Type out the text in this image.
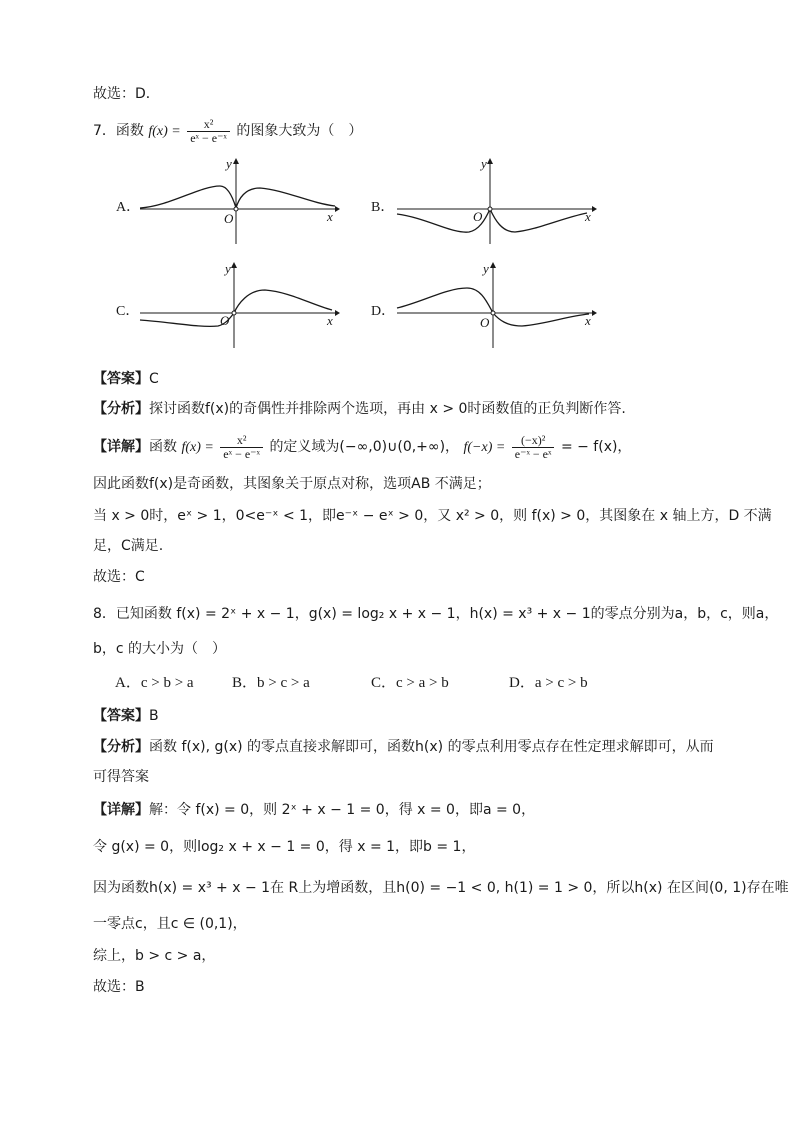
故选：D．
7．函数 $f(x) = \frac{\text{x²}}{\text{eˣ − e⁻ˣ}}$ 的图象大致为（　）
A．
O	x
y
B．
O	x
y
C．
O	x
y
D．
O	x
y
【答案】C
【分析】探讨函数f(x)的奇偶性并排除两个选项，再由 x > 0时函数值的正负判断作答.
【详解】函数 $f(x) = \frac{\text{x²}}{\text{eˣ − e⁻ˣ}}$ 的定义域为(−∞,0)∪(0,+∞)， $f(-x) = \frac{\text{(−x)²}}{\text{e⁻ˣ − eˣ}}$ = − f(x)，
因此函数f(x)是奇函数，其图象关于原点对称，选项AB 不满足；
当 x > 0时，eˣ > 1，0<e⁻ˣ < 1，即e⁻ˣ − eˣ > 0，又 x² > 0，则 f(x) > 0，其图象在 x 轴上方，D 不满
足，C满足.
故选：C
8．已知函数 f(x) = 2ˣ + x − 1，g(x) = log₂ x + x − 1，h(x) = x³ + x − 1的零点分别为a，b，c，则a，
b，c 的大小为（　）
A．c > b > a	B．b > c > a	C．c > a > b	D．a > c > b
【答案】B
【分析】函数 f(x), g(x) 的零点直接求解即可，函数h(x) 的零点利用零点存在性定理求解即可，从而
可得答案
【详解】解：令 f(x) = 0，则 2ˣ + x − 1 = 0，得 x = 0，即a = 0，
令 g(x) = 0，则log₂ x + x − 1 = 0，得 x = 1，即b = 1，
因为函数h(x) = x³ + x − 1在 R上为增函数，且h(0) = −1 < 0, h(1) = 1 > 0，所以h(x) 在区间(0, 1)存在唯
一零点c，且c ∈ (0,1)，
综上，b > c > a，
故选：B
